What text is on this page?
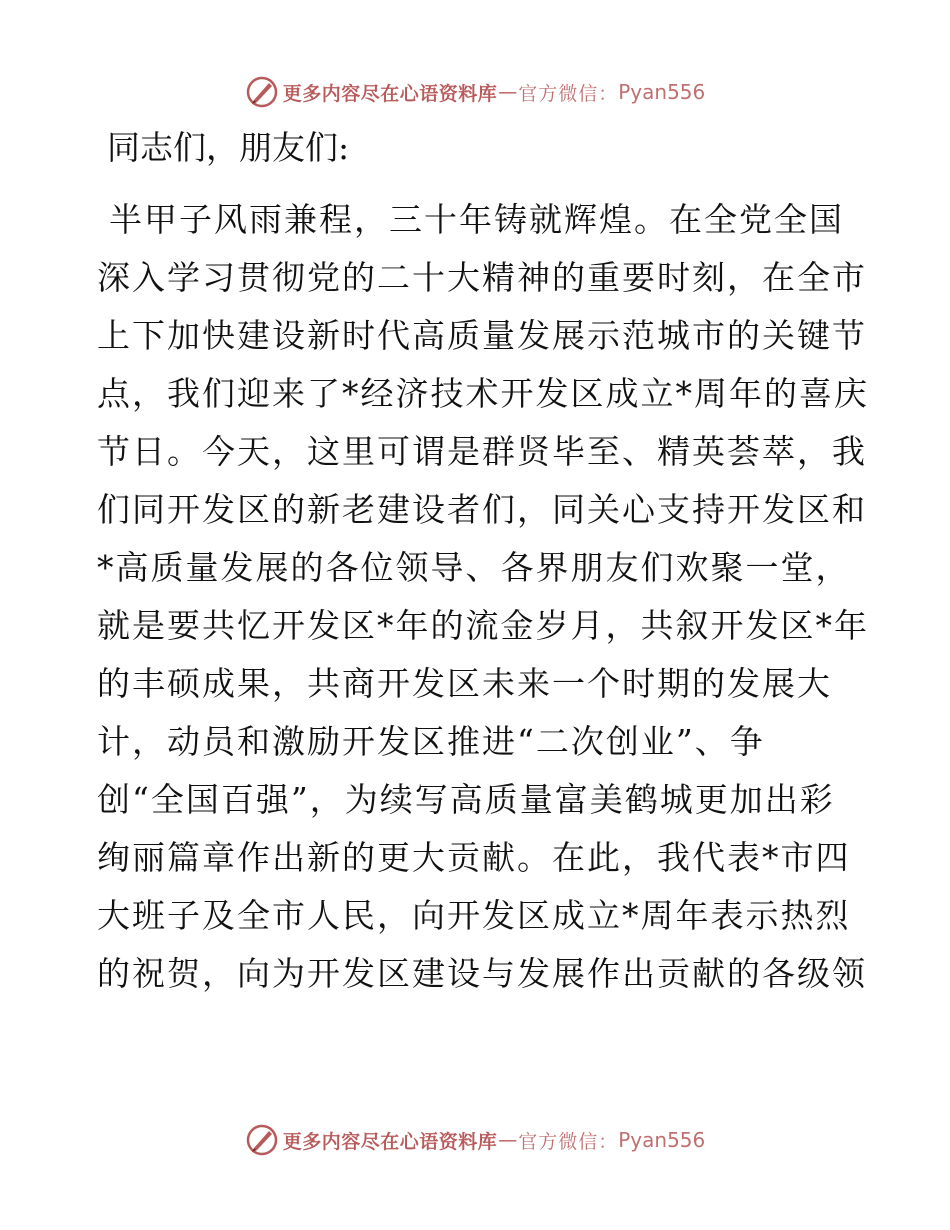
更多内容尽在心语资料库 — 官方微信： Pyan556
同志们，朋友们:
半甲子风雨兼程，三十年铸就辉煌。在全党全国
深入学习贯彻党的二十大精神的重要时刻，在全市
上下加快建设新时代高质量发展示范城市的关键节
点，我们迎来了*经济技术开发区成立*周年的喜庆
节日。今天，这里可谓是群贤毕至、精英荟萃，我
们同开发区的新老建设者们，同关心支持开发区和
*高质量发展的各位领导、各界朋友们欢聚一堂，
就是要共忆开发区*年的流金岁月，共叙开发区*年
的丰硕成果，共商开发区未来一个时期的发展大
计，动员和激励开发区推进“二次创业”、争
创“全国百强”，为续写高质量富美鹤城更加出彩
绚丽篇章作出新的更大贡献。在此，我代表*市四
大班子及全市人民，向开发区成立*周年表示热烈
的祝贺，向为开发区建设与发展作出贡献的各级领
更多内容尽在心语资料库 — 官方微信： Pyan556
